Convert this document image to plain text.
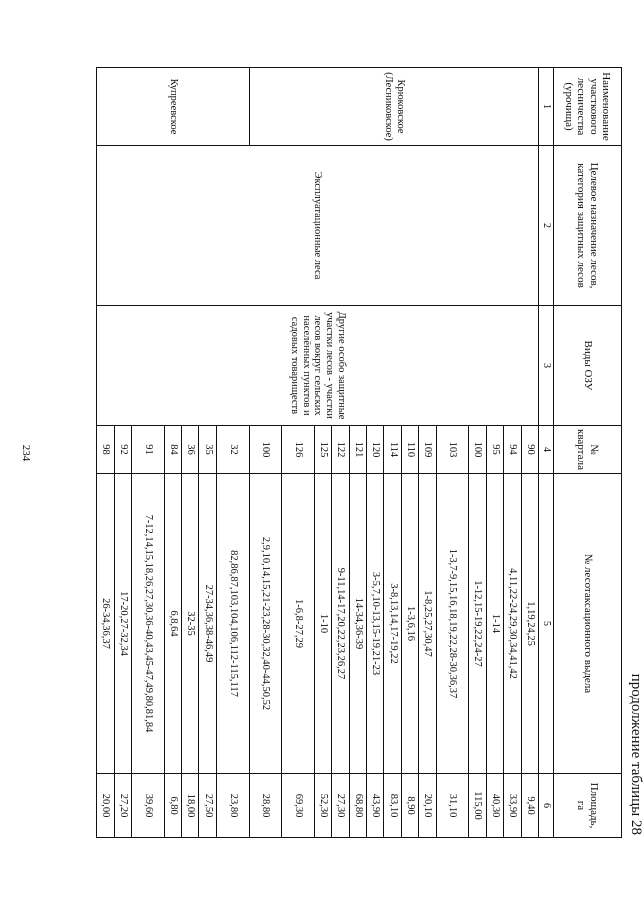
234
продолжение таблицы 28
Наименование участкового лесничества (урочища)	Целевое назначение лесов, категория защитных лесов	Виды ОЗУ	№ квартала	№ лесотаксационного выдела	Площадь, га
1	2	3	4	5	6
Крюковское (Лесниковское)	Эксплуатационные леса	Другие особо защитные участки лесов - участки лесов вокруг сельских населённых пунктов и садовых товариществ	90	1,19,24,25	9,40
			94	4,11,22-24,29,30,34,41,42	33,90
			95	1-14	40,30
			100	1-12,15-19,22,24-27	115,00
			103	1-3,7-9,15,16,18,19,22,28-30,36,37	31,10
			109	1-8,25,27,30,47	20,10
			110	1-3,6,16	8,90
			114	3-8,13,14,17-19,22	83,10
			120	3-5,7,10-13,15-19,21-23	43,90
			121	14-34,36-39	68,80
			122	9-11,14-17,20,22,23,26,27	27,30
			125	1-10	52,30
			126	1-6,8-27,29	69,30
			100	2,9,10,14,15,21-23,28-30,32,40-44,50,52	28,80
Купреевское			32	82,86,87,103,104,106,112-115,117	23,80
			35	27-34,36,38-46,49	27,50
			36	32-35	18,00
			84	6,8,64	6,80
			91	7-12,14,15,18,26,27,30,36-40,43,45-47,49,80,81,84	39,60
			92	17-20,27-32,34	27,20
			98	26-34,36,37	20,00
